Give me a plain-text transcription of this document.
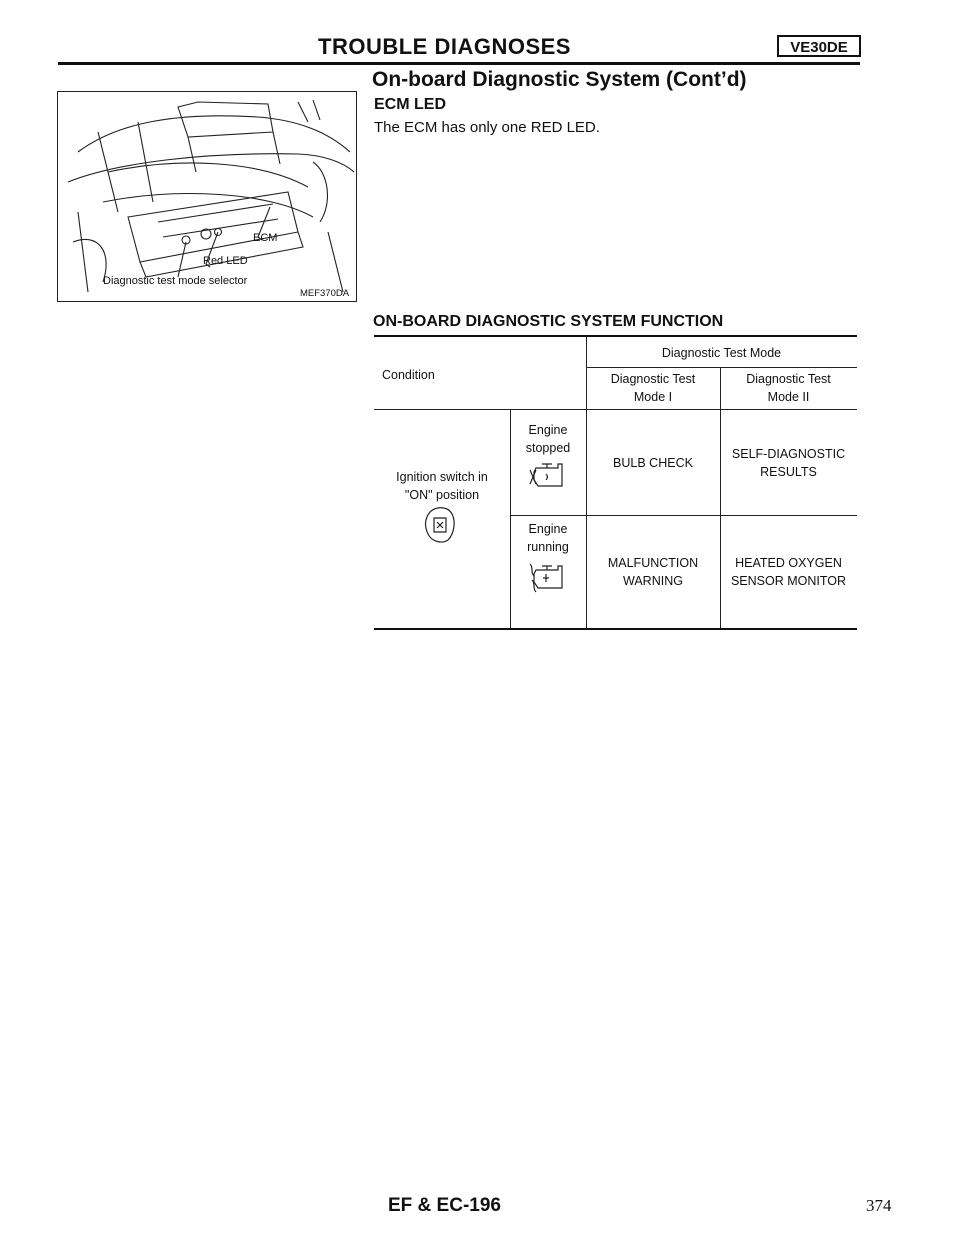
TROUBLE DIAGNOSES	VE30DE
On-board Diagnostic System (Cont’d)
ECM LED
The ECM has only one RED LED.
ECM
Red LED
Diagnostic test mode selector
MEF370DA
ON-BOARD DIAGNOSTIC SYSTEM FUNCTION
Condition
Diagnostic Test Mode
Diagnostic Test
Mode I
Diagnostic Test
Mode II
Ignition switch in
"ON" position
Engine
stopped
BULB CHECK
SELF-DIAGNOSTIC
RESULTS
Engine
running
MALFUNCTION
WARNING
HEATED OXYGEN
SENSOR MONITOR
EF & EC-196	374
